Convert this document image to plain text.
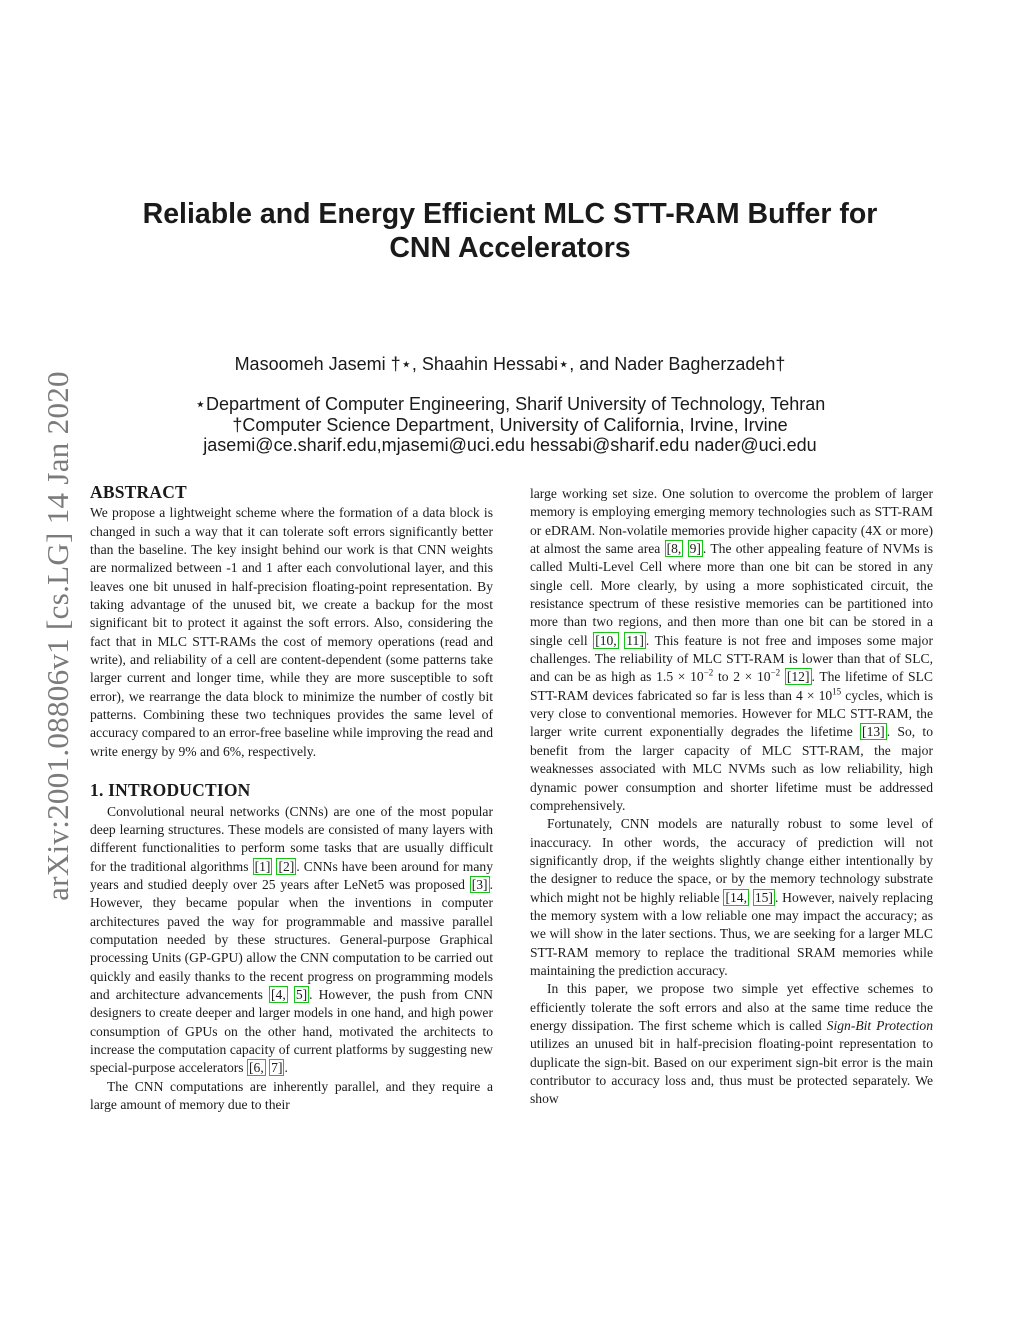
arXiv:2001.08806v1 [cs.LG] 14 Jan 2020
Reliable and Energy Efficient MLC STT-RAM Buffer for
CNN Accelerators
Masoomeh Jasemi †⋆, Shaahin Hessabi⋆, and Nader Bagherzadeh†
⋆Department of Computer Engineering, Sharif University of Technology, Tehran
†Computer Science Department, University of California, Irvine, Irvine
jasemi@ce.sharif.edu,mjasemi@uci.edu hessabi@sharif.edu nader@uci.edu
ABSTRACT

We propose a lightweight scheme where the formation of a data block is changed in such a way that it can tolerate soft errors significantly better than the baseline. The key insight behind our work is that CNN weights are normalized between -1 and 1 after each convolutional layer, and this leaves one bit unused in half-precision floating-point representation. By taking advantage of the unused bit, we create a backup for the most significant bit to protect it against the soft errors. Also, considering the fact that in MLC STT-RAMs the cost of memory operations (read and write), and reliability of a cell are content-dependent (some patterns take larger current and longer time, while they are more susceptible to soft error), we rearrange the data block to minimize the number of costly bit patterns. Combining these two techniques provides the same level of accuracy compared to an error-free baseline while improving the read and write energy by 9% and 6%, respectively.

1. INTRODUCTION

Convolutional neural networks (CNNs) are one of the most popular deep learning structures. These models are consisted of many layers with different functionalities to perform some tasks that are usually difficult for the traditional algorithms [1] [2] . CNNs have been around for many years and studied deeply over 25 years after LeNet5 was proposed [3] . However, they became popular when the inventions in computer architectures paved the way for programmable and massive parallel computation needed by these structures. General-purpose Graphical processing Units (GP-GPU) allow the CNN computation to be carried out quickly and easily thanks to the recent progress on programming models and architecture advancements [4, 5] . However, the push from CNN designers to create deeper and larger models in one hand, and high power consumption of GPUs on the other hand, motivated the architects to increase the computation capacity of current platforms by suggesting new special-purpose accelerators [6, 7] .

The CNN computations are inherently parallel, and they require a large amount of memory due to their

large working set size. One solution to overcome the problem of larger memory is employing emerging memory technologies such as STT-RAM or eDRAM. Non-volatile memories provide higher capacity (4X or more) at almost the same area [8, 9] . The other appealing feature of NVMs is called Multi-Level Cell where more than one bit can be stored in any single cell. More clearly, by using a more sophisticated circuit, the resistance spectrum of these resistive memories can be partitioned into more than two regions, and then more than one bit can be stored in a single cell [10, 11] . This feature is not free and imposes some major challenges. The reliability of MLC STT-RAM is lower than that of SLC, and can be as high as $1.5 \times 10^{-2}$ to $2 \times 10^{-2}$ [12] . The lifetime of SLC STT-RAM devices fabricated so far is less than $4 \times 10^{15}$ cycles, which is very close to conventional memories. However for MLC STT-RAM, the larger write current exponentially degrades the lifetime [13] . So, to benefit from the larger capacity of MLC STT-RAM, the major weaknesses associated with MLC NVMs such as low reliability, high dynamic power consumption and shorter lifetime must be addressed comprehensively.

Fortunately, CNN models are naturally robust to some level of inaccuracy. In other words, the accuracy of prediction will not significantly drop, if the weights slightly change either intentionally by the designer to reduce the space, or by the memory technology substrate which might not be highly reliable [14, 15] . However, naively replacing the memory system with a low reliable one may impact the accuracy; as we will show in the later sections. Thus, we are seeking for a larger MLC STT-RAM memory to replace the traditional SRAM memories while maintaining the prediction accuracy.

In this paper, we propose two simple yet effective schemes to efficiently tolerate the soft errors and also at the same time reduce the energy dissipation. The first scheme which is called Sign-Bit Protection utilizes an unused bit in half-precision floating-point representation to duplicate the sign-bit. Based on our experiment sign-bit error is the main contributor to accuracy loss and, thus must be protected separately. We show
